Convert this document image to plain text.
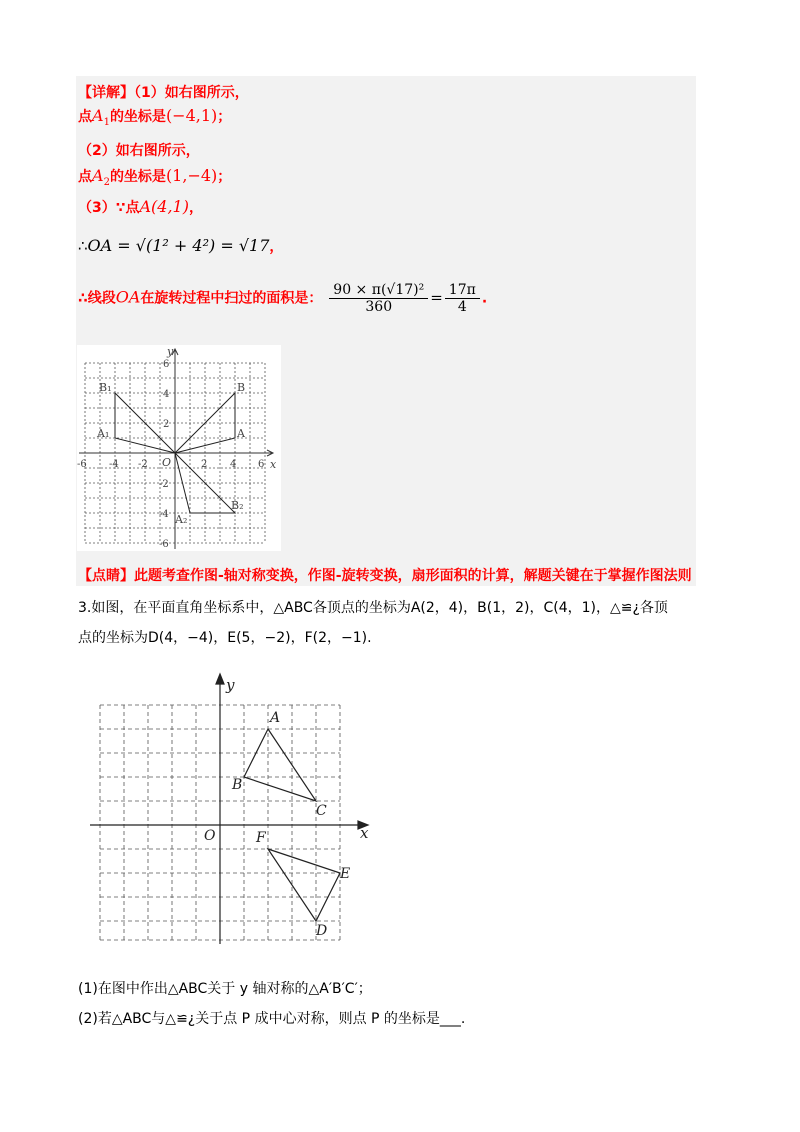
【详解】（1）如右图所示，
点$A_1$的坐标是(−4,1)；
（2）如右图所示，
点$A_2$的坐标是(1,−4)；
（3）∵点A(4,1)，
∴OA = √(1² + 4²) = √17，
∴线段OA在旋转过程中扫过的面积是： $\frac{\text{90 × π(√17)²}}{360} = \frac{17\pi}{4}$ .
x
y
O
-6 -4 -2	2 4 6
6
4
2
-2
-4
-6
B₁
A₁
B
A
B₂
A₂
【点睛】此题考查作图-轴对称变换，作图-旋转变换，扇形面积的计算，解题关键在于掌握作图法则
3.如图，在平面直角坐标系中，△ABC各顶点的坐标为A(2，4)，B(1，2)，C(4，1)，△≌¿各顶
点的坐标为D(4，−4)，E(5，−2)，F(2，−1).
x
y
O
A
B
C
F
E
D
(1)在图中作出△ABC关于 y 轴对称的△A′B′C′；
(2)若△ABC与△≌¿关于点 P 成中心对称，则点 P 的坐标是___.
